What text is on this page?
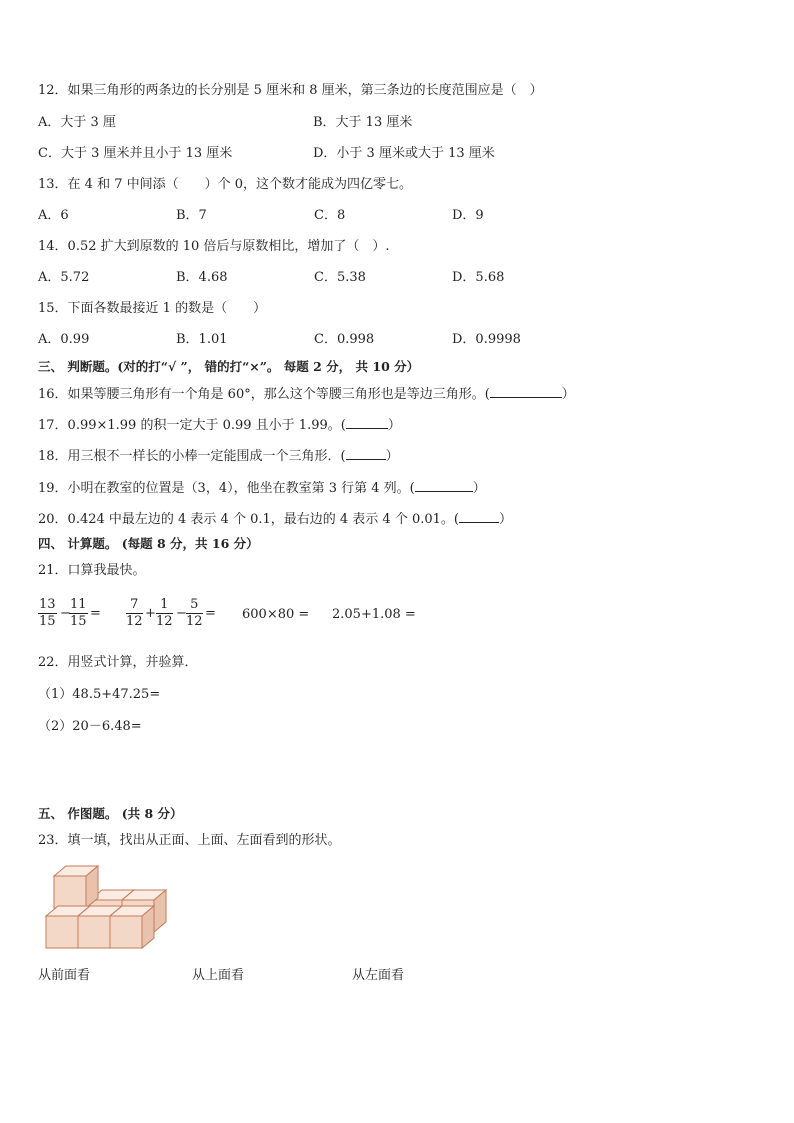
12．如果三角形的两条边的长分别是 5 厘米和 8 厘米，第三条边的长度范围应是（　）
A．大于 3 厘	B．大于 13 厘米
C．大于 3 厘米并且小于 13 厘米	D．小于 3 厘米或大于 13 厘米
13．在 4 和 7 中间添（　　）个 0，这个数才能成为四亿零七。
A．6	B．7	C．8	D．9
14．0.52 扩大到原数的 10 倍后与原数相比，增加了（　）.
A．5.72	B．4.68	C．5.38	D．5.68
15．下面各数最接近 1 的数是（　　）
A．0.99	B．1.01	C．0.998	D．0.9998
三、 判断题。(对的打“√ ”， 错的打“×”。 每题 2 分， 共 10 分）
16．如果等腰三角形有一个角是 60°，那么这个等腰三角形也是等边三角形。(	）
17．0.99×1.99 的积一定大于 0.99 且小于 1.99。(	）
18．用三根不一样长的小棒一定能围成一个三角形．(	）
19．小明在教室的位置是（3，4），他坐在教室第 3 行第 4 列。(	）
20．0.424 中最左边的 4 表示 4 个 0.1，最右边的 4 表示 4 个 0.01。(	）
四、 计算题。 (每题 8 分，共 16 分）
21．口算我最快。
$\frac{13}{15}$ −
$\frac{11}{15} = \frac{7}{12} + \frac{1}{12} - \frac{5}{12} = 600\times 80 = 2.05+1.08$ =
22．用竖式计算，并验算．
（1）48.5+47.25=
（2）20－6.48=
五、 作图题。 (共 8 分）
23．填一填，找出从正面、上面、左面看到的形状。
从前面看	从上面看	从左面看
